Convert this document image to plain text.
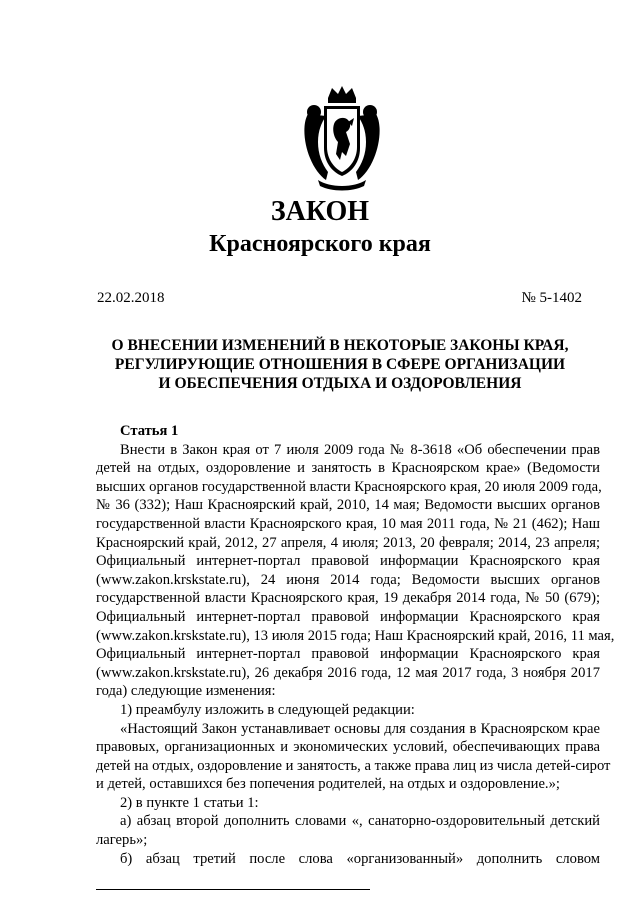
ЗАКОН
Красноярского края
22.02.2018	№ 5-1402
О ВНЕСЕНИИ ИЗМЕНЕНИЙ В НЕКОТОРЫЕ ЗАКОНЫ КРАЯ,
РЕГУЛИРУЮЩИЕ ОТНОШЕНИЯ В СФЕРЕ ОРГАНИЗАЦИИ
И ОБЕСПЕЧЕНИЯ ОТДЫХА И ОЗДОРОВЛЕНИЯ
Статья 1
Внести в Закон края от 7 июля 2009 года № 8-3618 «Об обеспечении прав
детей на отдых, оздоровление и занятость в Красноярском крае» (Ведомости
высших органов государственной власти Красноярского края, 20 июля 2009 года,
№ 36 (332); Наш Красноярский край, 2010, 14 мая; Ведомости высших органов
государственной власти Красноярского края, 10 мая 2011 года, № 21 (462); Наш
Красноярский край, 2012, 27 апреля, 4 июля; 2013, 20 февраля; 2014, 23 апреля;
Официальный интернет-портал правовой информации Красноярского края
(www.zakon.krskstate.ru), 24 июня 2014 года; Ведомости высших органов
государственной власти Красноярского края, 19 декабря 2014 года, № 50 (679);
Официальный интернет-портал правовой информации Красноярского края
(www.zakon.krskstate.ru), 13 июля 2015 года; Наш Красноярский край, 2016, 11 мая,
Официальный интернет-портал правовой информации Красноярского края
(www.zakon.krskstate.ru), 26 декабря 2016 года, 12 мая 2017 года, 3 ноября 2017
года) следующие изменения:
1) преамбулу изложить в следующей редакции:
«Настоящий Закон устанавливает основы для создания в Красноярском крае
правовых, организационных и экономических условий, обеспечивающих права
детей на отдых, оздоровление и занятость, а также права лиц из числа детей-сирот
и детей, оставшихся без попечения родителей, на отдых и оздоровление.»;
2) в пункте 1 статьи 1:
а) абзац второй дополнить словами «, санаторно-оздоровительный детский
лагерь»;
б) абзац третий после слова «организованный» дополнить словом
